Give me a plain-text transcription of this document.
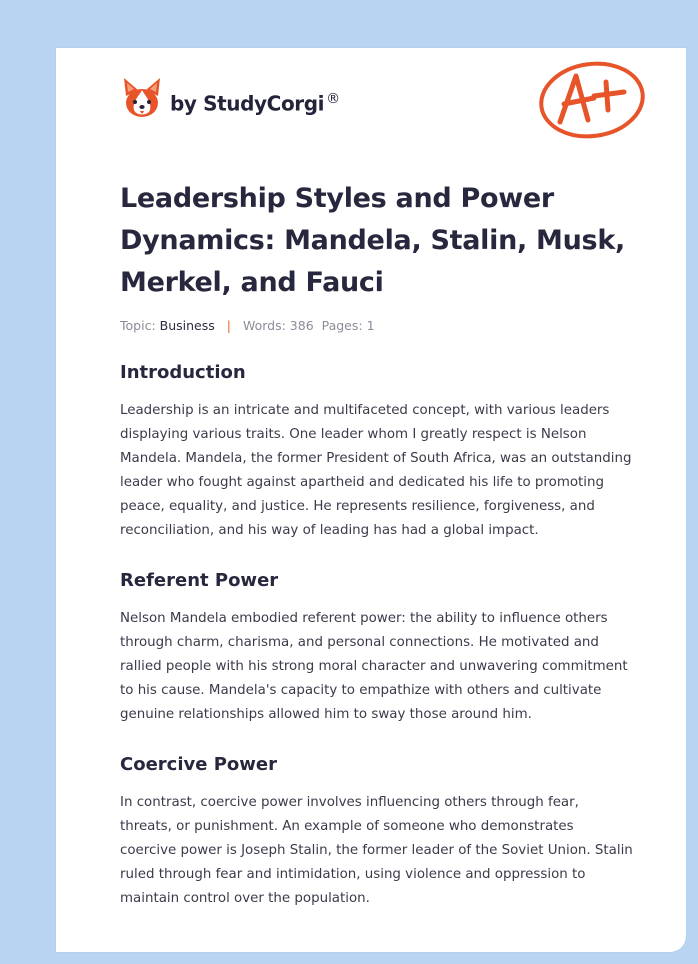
by StudyCorgi ®
A+
Leadership Styles and Power Dynamics: Mandela, Stalin, Musk, Merkel, and Fauci
Topic: Business | Words: 386 Pages: 1
Introduction

Leadership is an intricate and multifaceted concept, with various leaders displaying various traits. One leader whom I greatly respect is Nelson Mandela. Mandela, the former President of South Africa, was an outstanding leader who fought against apartheid and dedicated his life to promoting peace, equality, and justice. He represents resilience, forgiveness, and reconciliation, and his way of leading has had a global impact.

Referent Power

Nelson Mandela embodied referent power: the ability to influence others through charm, charisma, and personal connections. He motivated and rallied people with his strong moral character and unwavering commitment to his cause. Mandela's capacity to empathize with others and cultivate genuine relationships allowed him to sway those around him.

Coercive Power

In contrast, coercive power involves influencing others through fear, threats, or punishment. An example of someone who demonstrates coercive power is Joseph Stalin, the former leader of the Soviet Union. Stalin ruled through fear and intimidation, using violence and oppression to maintain control over the population.
